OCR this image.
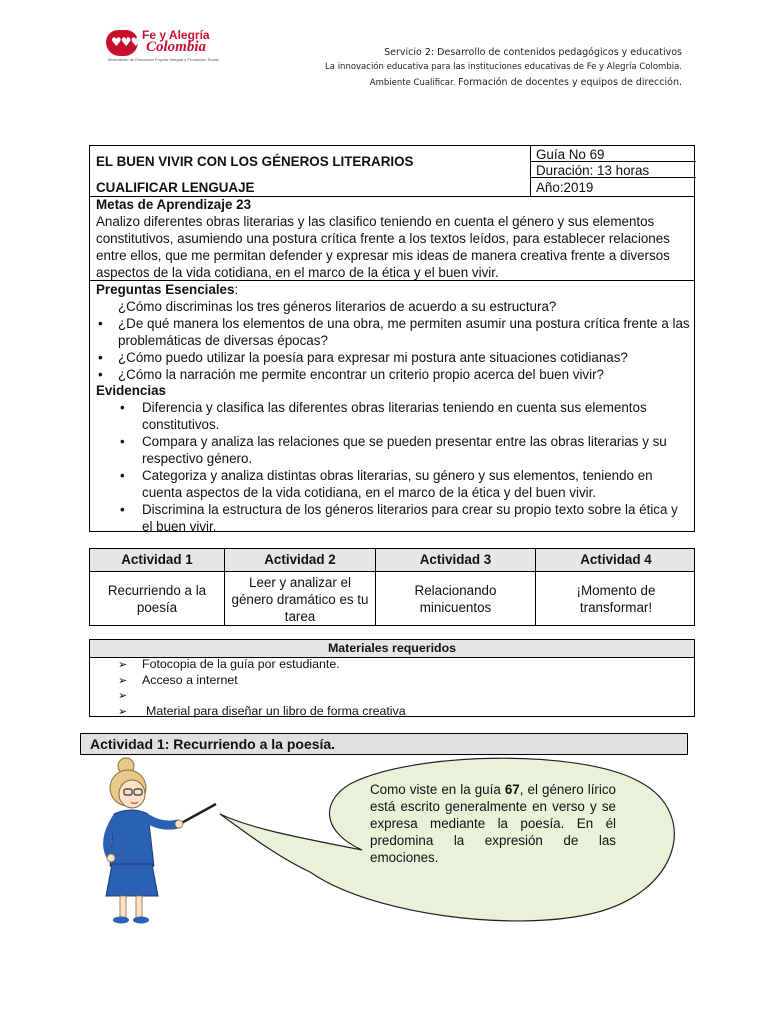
♥♥♥ Fe y Alegría
Colombia
Movimiento de Educación Popular Integral y Promoción Social
Servicio 2: Desarrollo de contenidos pedagógicos y educativos
La innovación educativa para las instituciones educativas de Fe y Alegría Colombia.
Ambiente Cualificar. Formación de docentes y equipos de dirección.
EL BUEN VIVIR CON LOS GÉNEROS LITERARIOS
CUALIFICAR LENGUAJE
Guía No 69
Duración: 13 horas
Año:2019
Metas de Aprendizaje 23

Analizo diferentes obras literarias y las clasifico teniendo en cuenta el género y sus elementos constitutivos, asumiendo una postura crítica frente a los textos leídos, para establecer relaciones entre ellos, que me permitan defender y expresar mis ideas de manera creativa frente a diversos aspectos de la vida cotidiana, en el marco de la ética y el buen vivir.

Preguntas Esenciales:
¿Cómo discriminas los tres géneros literarios de acuerdo a su estructura?
• ¿De qué manera los elementos de una obra, me permiten asumir una postura crítica frente a las problemáticas de diversas épocas?
• ¿Cómo puedo utilizar la poesía para expresar mi postura ante situaciones cotidianas?
• ¿Cómo la narración me permite encontrar un criterio propio acerca del buen vivir?
Evidencias
• Diferencia y clasifica las diferentes obras literarias teniendo en cuenta sus elementos constitutivos.
• Compara y analiza las relaciones que se pueden presentar entre las obras literarias y su respectivo género.
• Categoriza y analiza distintas obras literarias, su género y sus elementos, teniendo en cuenta aspectos de la vida cotidiana, en el marco de la ética y del buen vivir.
• Discrimina la estructura de los géneros literarios para crear su propio texto sobre la ética y el buen vivir.
Actividad 1
Recurriendo a la
poesía
Actividad 2
Leer y analizar el
género dramático es tu
tarea
Actividad 3
Relacionando
minicuentos
Actividad 4
¡Momento de
transformar!
Materiales requeridos
➢ Fotocopia de la guía por estudiante.
➢ Acceso a internet
➢
➢ Material para diseñar un libro de forma creativa
Actividad 1: Recurriendo a la poesía.
Como viste en la guía 67, el género lírico está escrito generalmente en verso y se expresa mediante la poesía. En él predomina la expresión de las emociones.
